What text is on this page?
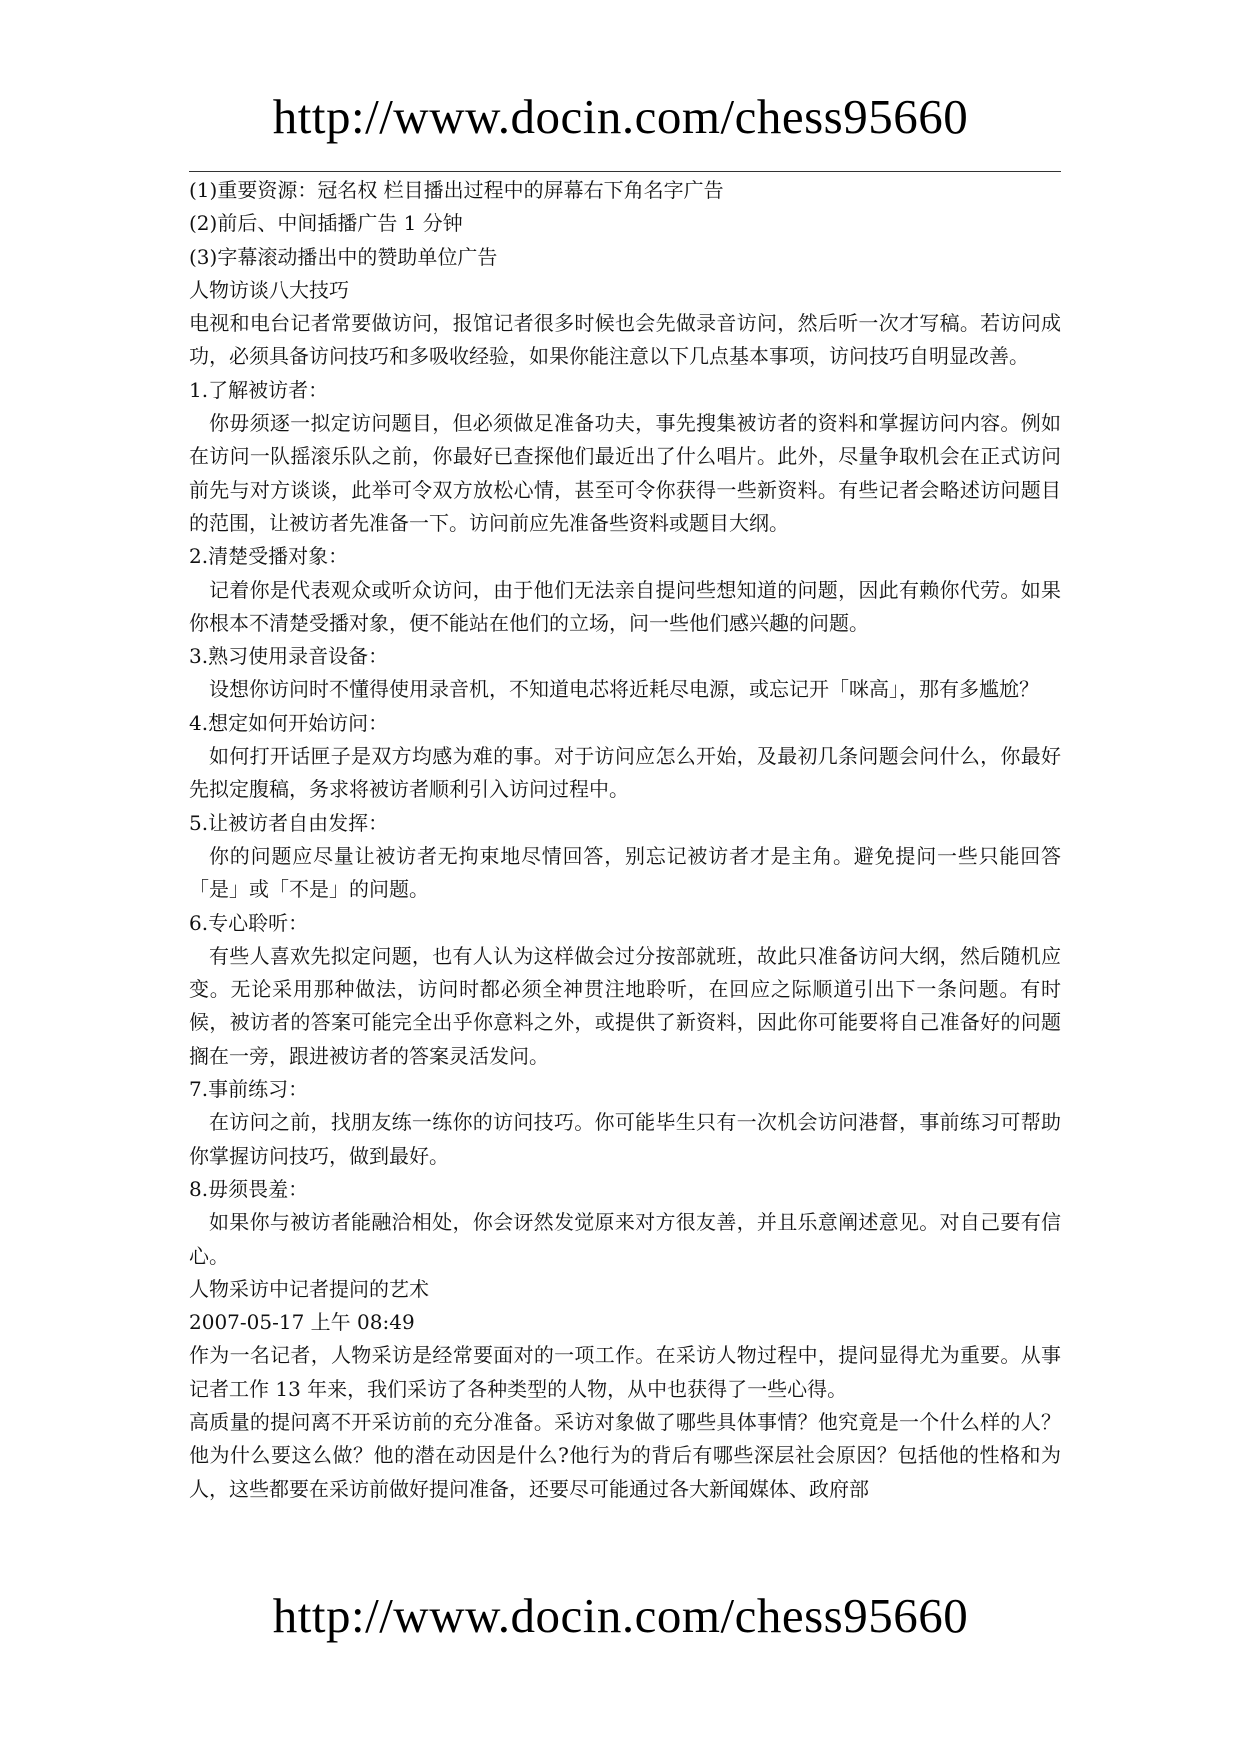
http://www.docin.com/chess95660

(1)重要资源：冠名权 栏目播出过程中的屏幕右下角名字广告

(2)前后、中间插播广告 1 分钟

(3)字幕滚动播出中的赞助单位广告

人物访谈八大技巧

电视和电台记者常要做访问，报馆记者很多时候也会先做录音访问，然后听一次才写稿。若访问成功，必须具备访问技巧和多吸收经验，如果你能注意以下几点基本事项，访问技巧自明显改善。

1.了解被访者：

你毋须逐一拟定访问题目，但必须做足准备功夫，事先搜集被访者的资料和掌握访问内容。例如在访问一队摇滚乐队之前，你最好已查探他们最近出了什么唱片。此外，尽量争取机会在正式访问前先与对方谈谈，此举可令双方放松心情，甚至可令你获得一些新资料。有些记者会略述访问题目的范围，让被访者先准备一下。访问前应先准备些资料或题目大纲。

2.清楚受播对象：

记着你是代表观众或听众访问，由于他们无法亲自提问些想知道的问题，因此有赖你代劳。如果你根本不清楚受播对象，便不能站在他们的立场，问一些他们感兴趣的问题。

3.熟习使用录音设备：

设想你访问时不懂得使用录音机，不知道电芯将近耗尽电源，或忘记开「咪高」，那有多尴尬？

4.想定如何开始访问：

如何打开话匣子是双方均感为难的事。对于访问应怎么开始，及最初几条问题会问什么，你最好先拟定腹稿，务求将被访者顺利引入访问过程中。

5.让被访者自由发挥：

你的问题应尽量让被访者无拘束地尽情回答，别忘记被访者才是主角。避免提问一些只能回答「是」或「不是」的问题。

6.专心聆听：

有些人喜欢先拟定问题，也有人认为这样做会过分按部就班，故此只准备访问大纲，然后随机应变。无论采用那种做法，访问时都必须全神贯注地聆听，在回应之际顺道引出下一条问题。有时候，被访者的答案可能完全出乎你意料之外，或提供了新资料，因此你可能要将自己准备好的问题搁在一旁，跟进被访者的答案灵活发问。

7.事前练习：

在访问之前，找朋友练一练你的访问技巧。你可能毕生只有一次机会访问港督，事前练习可帮助你掌握访问技巧，做到最好。

8.毋须畏羞：

如果你与被访者能融洽相处，你会讶然发觉原来对方很友善，并且乐意阐述意见。对自己要有信心。

人物采访中记者提问的艺术

2007-05-17 上午 08:49

作为一名记者，人物采访是经常要面对的一项工作。在采访人物过程中，提问显得尤为重要。从事记者工作 13 年来，我们采访了各种类型的人物，从中也获得了一些心得。

高质量的提问离不开采访前的充分准备。采访对象做了哪些具体事情？他究竟是一个什么样的人？他为什么要这么做？他的潜在动因是什么?他行为的背后有哪些深层社会原因？包括他的性格和为人，这些都要在采访前做好提问准备，还要尽可能通过各大新闻媒体、政府部

http://www.docin.com/chess95660
